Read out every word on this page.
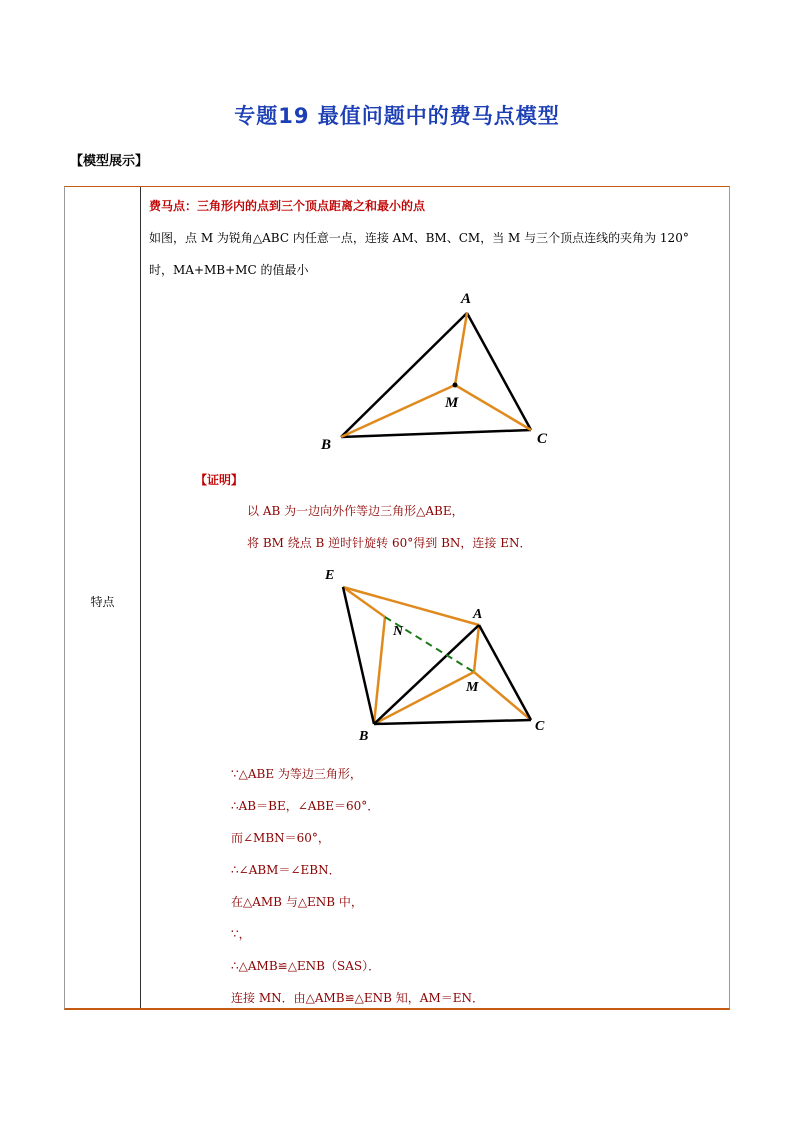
专题19 最值问题中的费马点模型
【模型展示】
特点
费马点：三角形内的点到三个顶点距离之和最小的点
如图，点 M 为锐角△ABC 内任意一点，连接 AM、BM、CM，当 M 与三个顶点连线的夹角为 120°
时，MA+MB+MC 的值最小
A
B	C
M
【证明】
以 AB 为一边向外作等边三角形△ABE，
将 BM 绕点 B 逆时针旋转 60°得到 BN，连接 EN．
E
A
N
M
B
C
∵△ABE 为等边三角形，
∴AB＝BE，∠ABE＝60°．
而∠MBN＝60°，
∴∠ABM＝∠EBN．
在△AMB 与△ENB 中，
∵，
∴△AMB≌△ENB（SAS）．
连接 MN．由△AMB≌△ENB 知，AM＝EN．
